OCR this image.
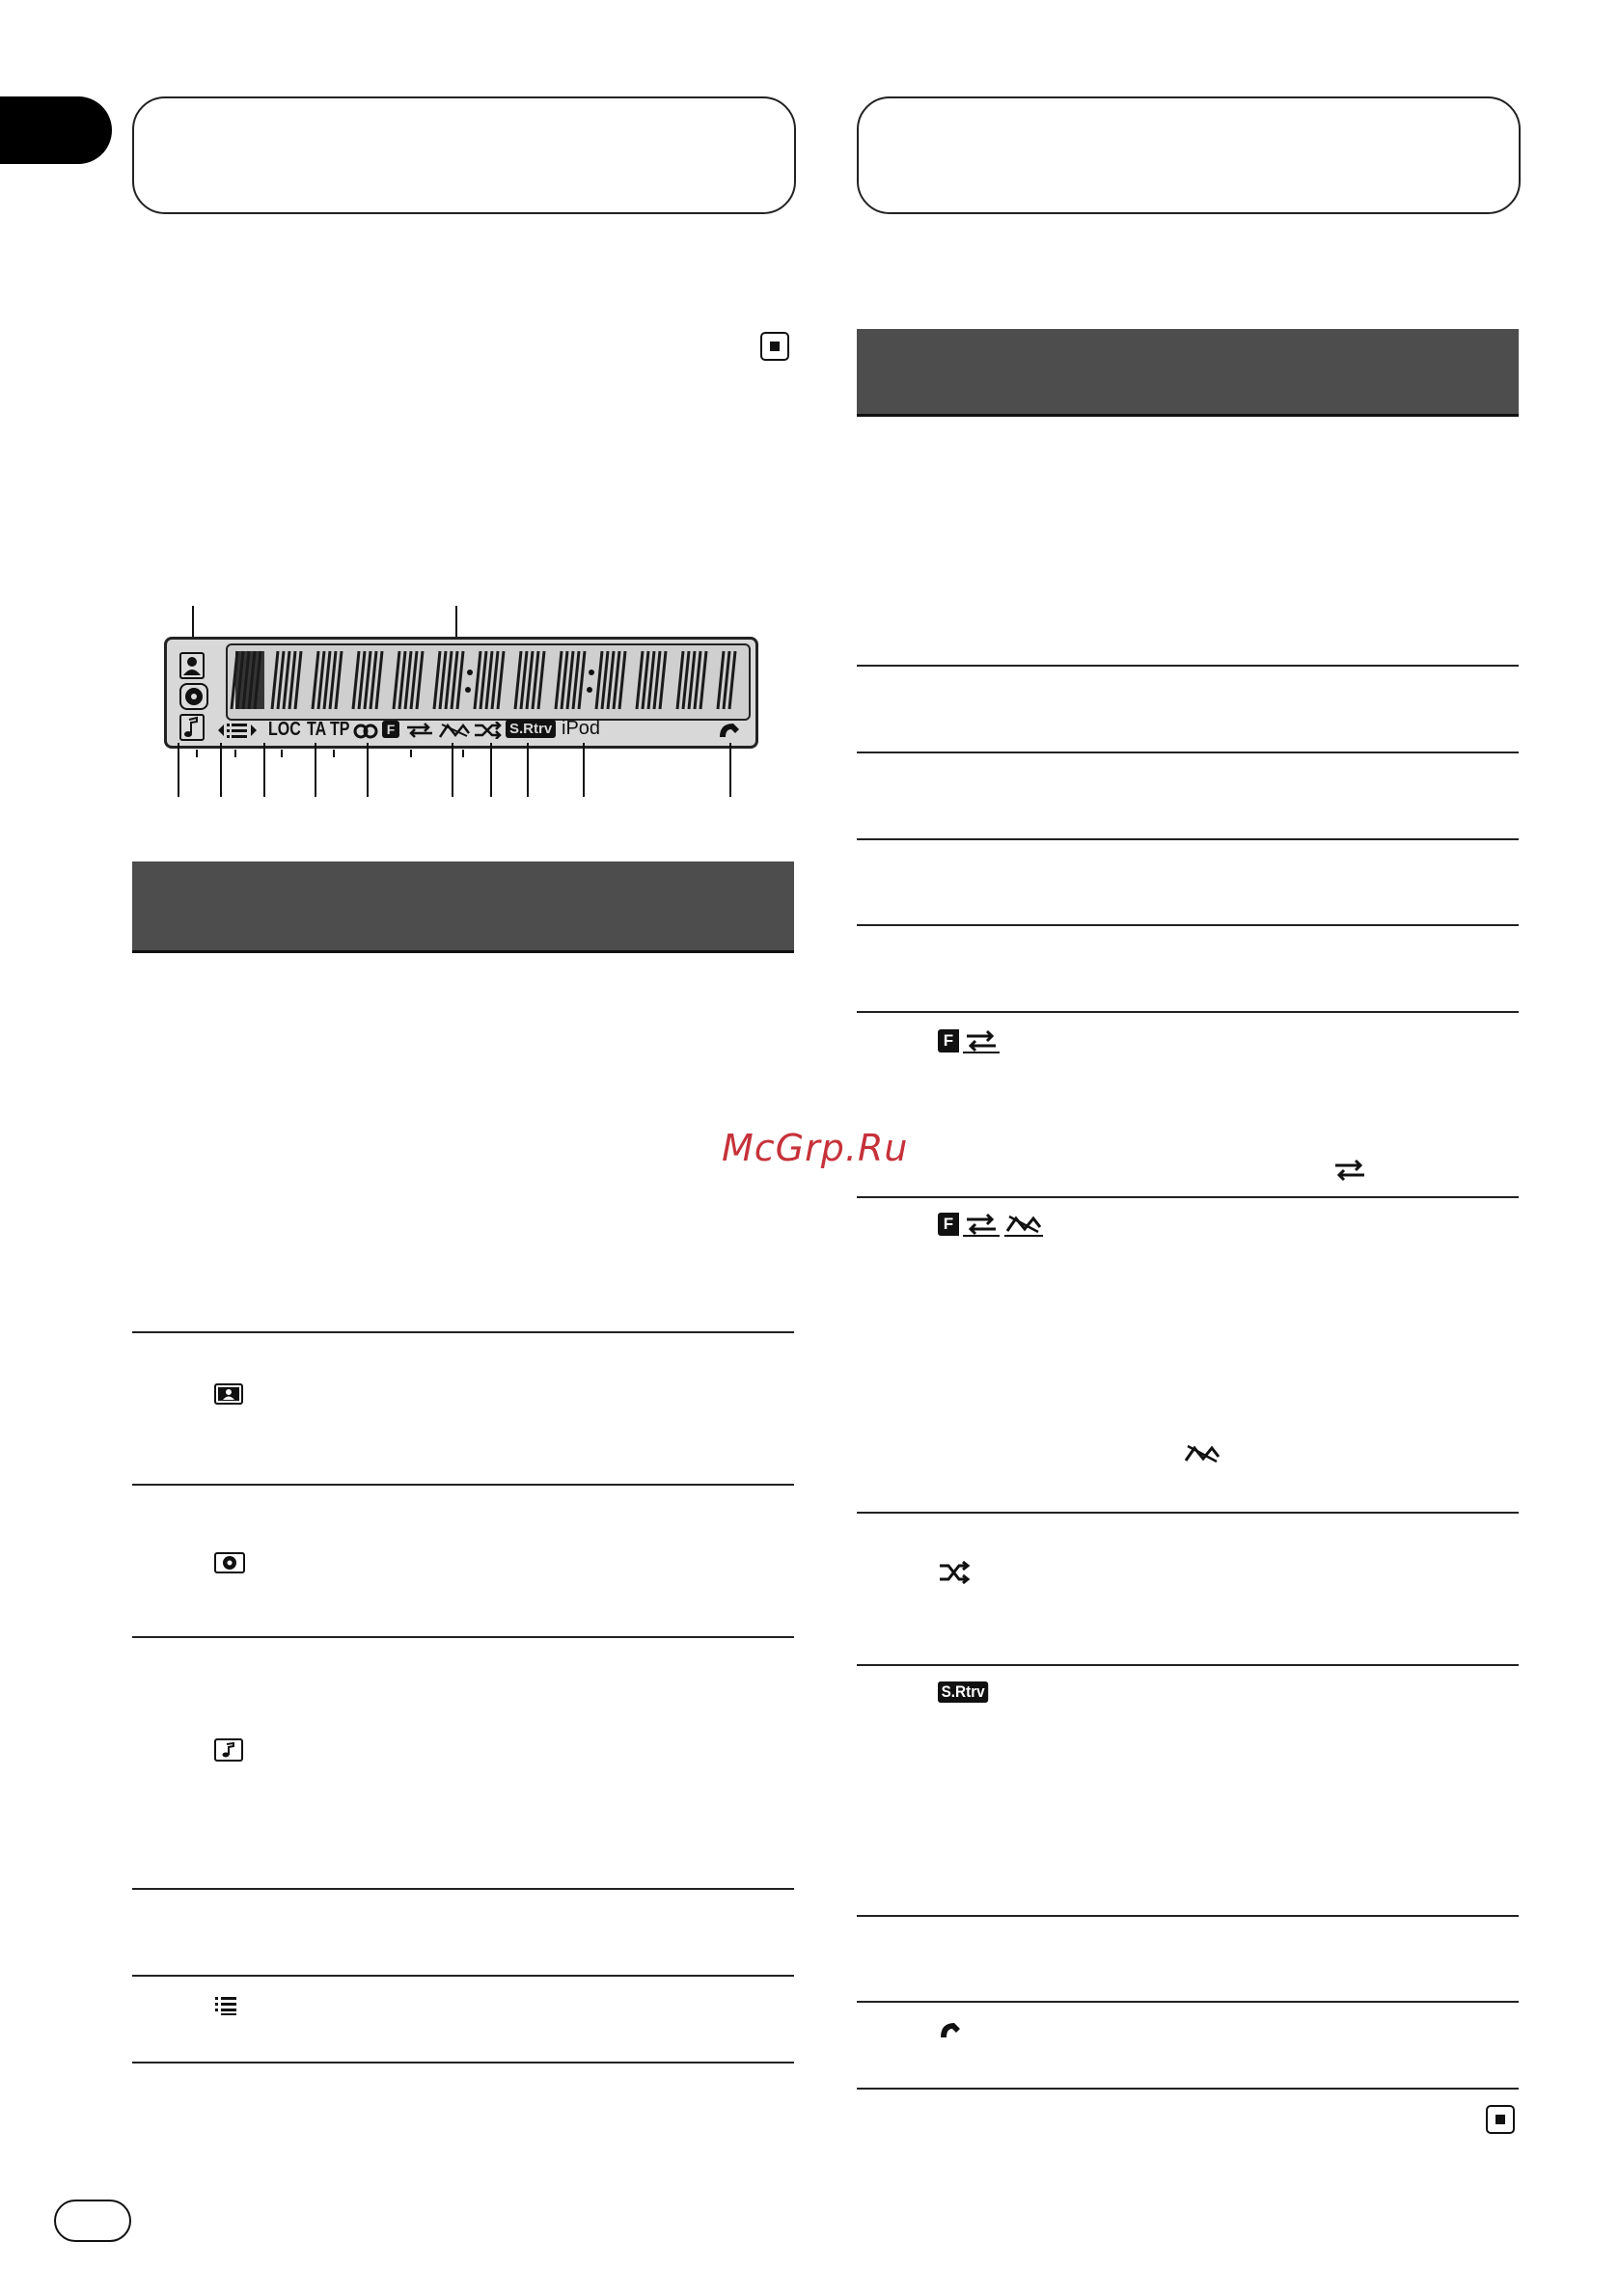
LOC TA TP	F	S.Rtrv iPod
F
F
S.Rtrv
McGrp.Ru
